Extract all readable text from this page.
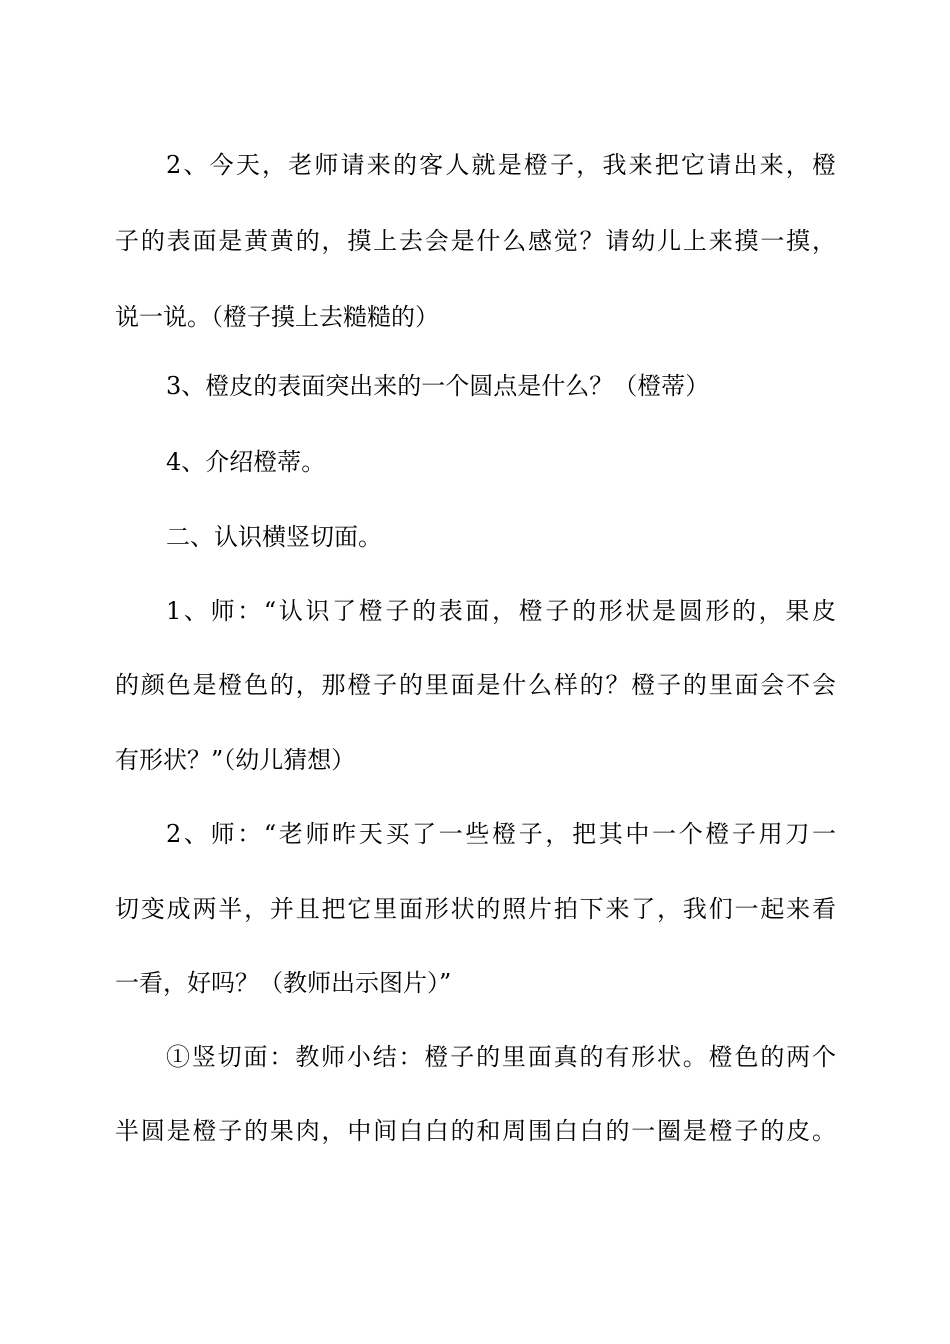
2、今天，老师请来的客人就是橙子，我来把它请出来，橙
子的表面是黄黄的，摸上去会是什么感觉？请幼儿上来摸一摸，
说一说。（橙子摸上去糙糙的）
3、橙皮的表面突出来的一个圆点是什么？（橙蒂）
4、介绍橙蒂。
二、认识横竖切面。
1、师：“认识了橙子的表面，橙子的形状是圆形的，果皮
的颜色是橙色的，那橙子的里面是什么样的？橙子的里面会不会
有形状？”（幼儿猜想）
2、师：“老师昨天买了一些橙子，把其中一个橙子用刀一
切变成两半，并且把它里面形状的照片拍下来了，我们一起来看
一看，好吗？（教师出示图片）”
①竖切面：教师小结：橙子的里面真的有形状。橙色的两个
半圆是橙子的果肉，中间白白的和周围白白的一圈是橙子的皮。
